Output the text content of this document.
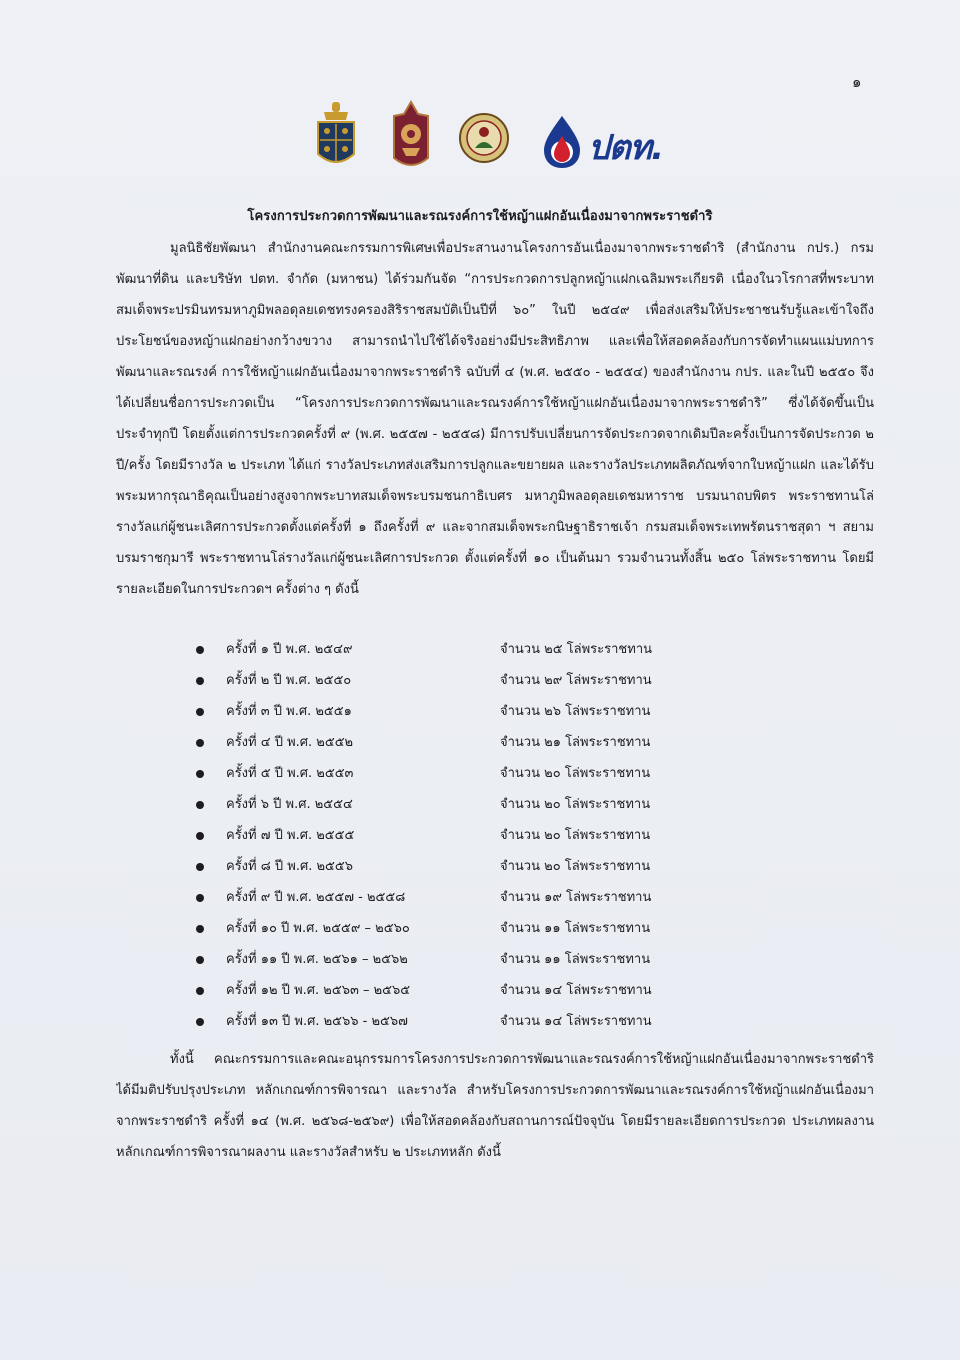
๑
ปตท.
โครงการประกวดการพัฒนาและรณรงค์การใช้หญ้าแฝกอันเนื่องมาจากพระราชดำริ

มูลนิธิชัยพัฒนา สำนักงานคณะกรรมการพิเศษเพื่อประสานงานโครงการอันเนื่องมาจากพระราชดำริ (สำนักงาน กปร.) กรมพัฒนาที่ดิน และบริษัท ปตท. จำกัด (มหาชน) ได้ร่วมกันจัด “การประกวดการปลูกหญ้าแฝกเฉลิมพระเกียรติ เนื่องในวโรกาสที่พระบาทสมเด็จพระปรมินทรมหาภูมิพลอดุลยเดชทรงครองสิริราชสมบัติเป็นปีที่ ๖๐” ในปี ๒๕๔๙ เพื่อส่งเสริมให้ประชาชนรับรู้และเข้าใจถึงประโยชน์ของหญ้าแฝกอย่างกว้างขวาง สามารถนำไปใช้ได้จริงอย่างมีประสิทธิภาพ และเพื่อให้สอดคล้องกับการจัดทำแผนแม่บทการพัฒนาและรณรงค์ การใช้หญ้าแฝกอันเนื่องมาจากพระราชดำริ ฉบับที่ ๔ (พ.ศ. ๒๕๕๐ - ๒๕๕๔) ของสำนักงาน กปร. และในปี ๒๕๕๐ จึงได้เปลี่ยนชื่อการประกวดเป็น “โครงการประกวดการพัฒนาและรณรงค์การใช้หญ้าแฝกอันเนื่องมาจากพระราชดำริ” ซึ่งได้จัดขึ้นเป็นประจำทุกปี โดยตั้งแต่การประกวดครั้งที่ ๙ (พ.ศ. ๒๕๕๗ - ๒๕๕๘) มีการปรับเปลี่ยนการจัดประกวดจากเดิมปีละครั้งเป็นการจัดประกวด ๒ ปี/ครั้ง โดยมีรางวัล ๒ ประเภท ได้แก่ รางวัลประเภทส่งเสริมการปลูกและขยายผล และรางวัลประเภทผลิตภัณฑ์จากใบหญ้าแฝก และได้รับพระมหากรุณาธิคุณเป็นอย่างสูงจากพระบาทสมเด็จพระบรมชนกาธิเบศร มหาภูมิพลอดุลยเดชมหาราช บรมนาถบพิตร พระราชทานโล่รางวัลแก่ผู้ชนะเลิศการประกวดตั้งแต่ครั้งที่ ๑ ถึงครั้งที่ ๙ และจากสมเด็จพระกนิษฐาธิราชเจ้า กรมสมเด็จพระเทพรัตนราชสุดา ฯ สยามบรมราชกุมารี พระราชทานโล่รางวัลแก่ผู้ชนะเลิศการประกวด ตั้งแต่ครั้งที่ ๑๐ เป็นต้นมา รวมจำนวนทั้งสิ้น ๒๕๐ โล่พระราชทาน โดยมีรายละเอียดในการประกวดฯ ครั้งต่าง ๆ ดังนี้

ครั้งที่ ๑ ปี พ.ศ. ๒๕๔๙	จำนวน ๒๕ โล่พระราชทาน
ครั้งที่ ๒ ปี พ.ศ. ๒๕๕๐	จำนวน ๒๙ โล่พระราชทาน
ครั้งที่ ๓ ปี พ.ศ. ๒๕๕๑	จำนวน ๒๖ โล่พระราชทาน
ครั้งที่ ๔ ปี พ.ศ. ๒๕๕๒	จำนวน ๒๑ โล่พระราชทาน
ครั้งที่ ๕ ปี พ.ศ. ๒๕๕๓	จำนวน ๒๐ โล่พระราชทาน
ครั้งที่ ๖ ปี พ.ศ. ๒๕๕๔	จำนวน ๒๐ โล่พระราชทาน
ครั้งที่ ๗ ปี พ.ศ. ๒๕๕๕	จำนวน ๒๐ โล่พระราชทาน
ครั้งที่ ๘ ปี พ.ศ. ๒๕๕๖	จำนวน ๒๐ โล่พระราชทาน
ครั้งที่ ๙ ปี พ.ศ. ๒๕๕๗ - ๒๕๕๘	จำนวน ๑๙ โล่พระราชทาน
ครั้งที่ ๑๐ ปี พ.ศ. ๒๕๕๙ – ๒๕๖๐	จำนวน ๑๑ โล่พระราชทาน
ครั้งที่ ๑๑ ปี พ.ศ. ๒๕๖๑ – ๒๕๖๒	จำนวน ๑๑ โล่พระราชทาน
ครั้งที่ ๑๒ ปี พ.ศ. ๒๕๖๓ – ๒๕๖๕	จำนวน ๑๔ โล่พระราชทาน
ครั้งที่ ๑๓ ปี พ.ศ. ๒๕๖๖ - ๒๕๖๗	จำนวน ๑๔ โล่พระราชทาน

ทั้งนี้ คณะกรรมการและคณะอนุกรรมการโครงการประกวดการพัฒนาและรณรงค์การใช้หญ้าแฝกอันเนื่องมาจากพระราชดำริ ได้มีมติปรับปรุงประเภท หลักเกณฑ์การพิจารณา และรางวัล สำหรับโครงการประกวดการพัฒนาและรณรงค์การใช้หญ้าแฝกอันเนื่องมาจากพระราชดำริ ครั้งที่ ๑๔ (พ.ศ. ๒๕๖๘-๒๕๖๙) เพื่อให้สอดคล้องกับสถานการณ์ปัจจุบัน โดยมีรายละเอียดการประกวด ประเภทผลงาน หลักเกณฑ์การพิจารณาผลงาน และรางวัลสำหรับ ๒ ประเภทหลัก ดังนี้
